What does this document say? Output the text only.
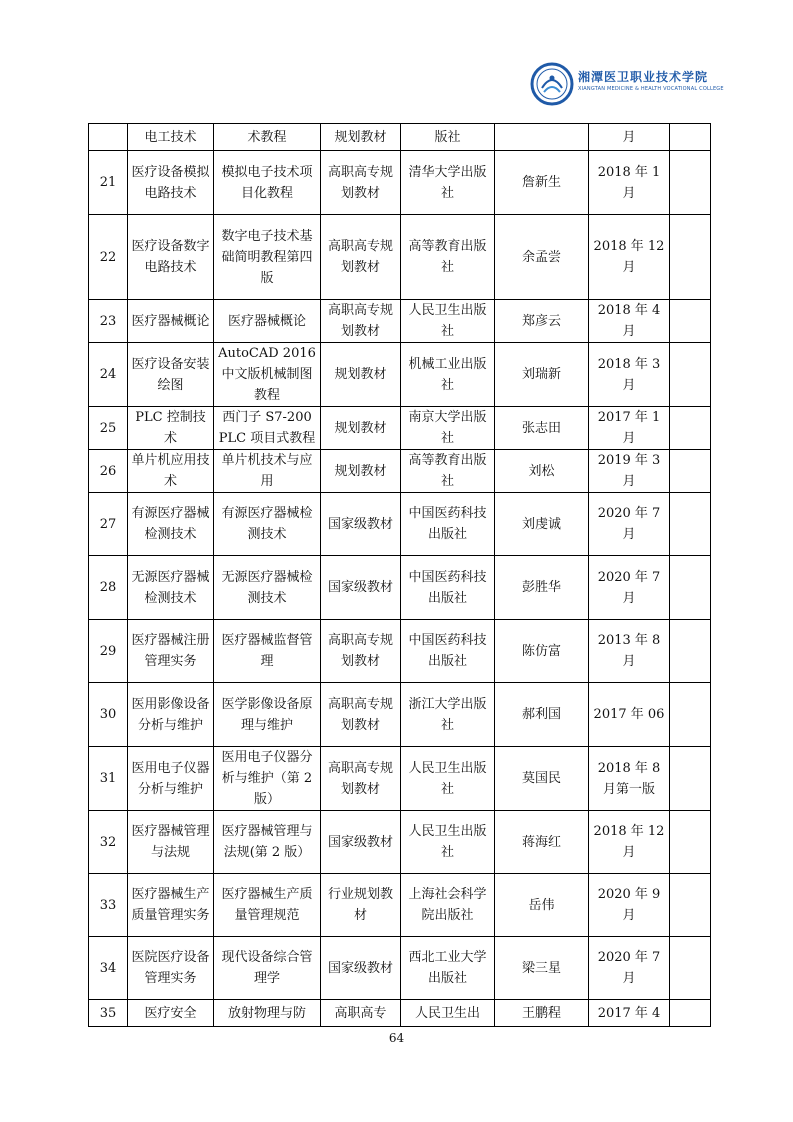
湘潭医卫职业技术学院
XIANGTAN MEDICINE & HEALTH VOCATIONAL COLLEGE
	电工技术	术教程	规划教材	版社		月	
21	医疗设备模拟电路技术	模拟电子技术项目化教程	高职高专规划教材	清华大学出版社	詹新生	2018 年 1 月	
22	医疗设备数字电路技术	数字电子技术基础简明教程第四版	高职高专规划教材	高等教育出版社	余孟尝	2018 年 12 月	
23	医疗器械概论	医疗器械概论	高职高专规划教材	人民卫生出版社	郑彦云	2018 年 4 月	
24	医疗设备安装绘图	AutoCAD 2016 中文版机械制图教程	规划教材	机械工业出版社	刘瑞新	2018 年 3 月	
25	PLC 控制技术	西门子 S7-200 PLC 项目式教程	规划教材	南京大学出版社	张志田	2017 年 1 月	
26	单片机应用技术	单片机技术与应用	规划教材	高等教育出版社	刘松	2019 年 3 月	
27	有源医疗器械检测技术	有源医疗器械检测技术	国家级教材	中国医药科技出版社	刘虔诚	2020 年 7 月	
28	无源医疗器械检测技术	无源医疗器械检测技术	国家级教材	中国医药科技出版社	彭胜华	2020 年 7 月	
29	医疗器械注册管理实务	医疗器械监督管理	高职高专规划教材	中国医药科技出版社	陈仿富	2013 年 8 月	
30	医用影像设备分析与维护	医学影像设备原理与维护	高职高专规划教材	浙江大学出版社	郝利国	2017 年 06	
31	医用电子仪器分析与维护	医用电子仪器分析与维护（第 2 版）	高职高专规划教材	人民卫生出版社	莫国民	2018 年 8 月第一版	
32	医疗器械管理与法规	医疗器械管理与法规(第 2 版）	国家级教材	人民卫生出版社	蒋海红	2018 年 12 月	
33	医疗器械生产质量管理实务	医疗器械生产质量管理规范	行业规划教材	上海社会科学院出版社	岳伟	2020 年 9 月	
34	医院医疗设备管理实务	现代设备综合管理学	国家级教材	西北工业大学出版社	梁三星	2020 年 7 月	
35	医疗安全	放射物理与防	高职高专	人民卫生出	王鹏程	2017 年 4	
64
